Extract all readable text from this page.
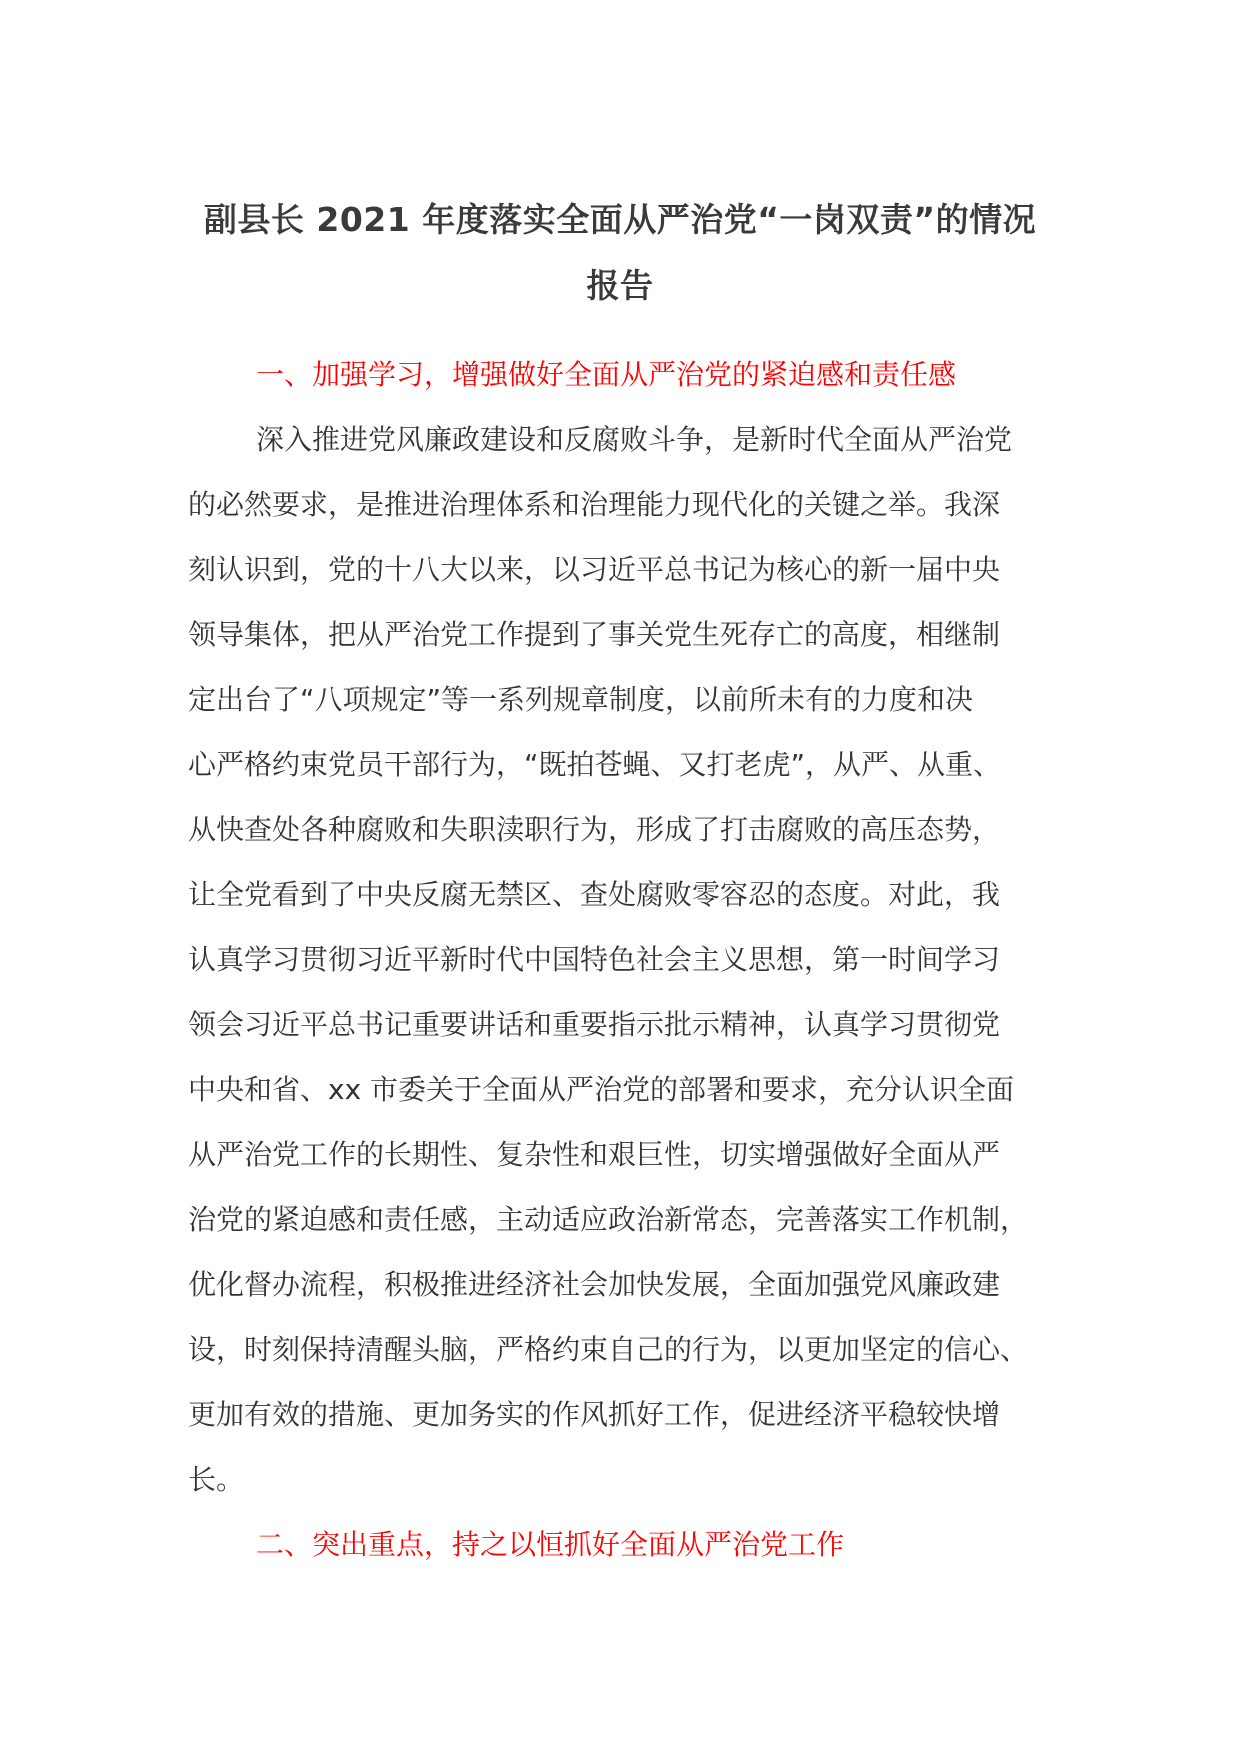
副县长 2021 年度落实全面从严治党“一岗双责”的情况
报告
一、加强学习，增强做好全面从严治党的紧迫感和责任感
深入推进党风廉政建设和反腐败斗争，是新时代全面从严治党
的必然要求，是推进治理体系和治理能力现代化的关键之举。我深
刻认识到，党的十八大以来，以习近平总书记为核心的新一届中央
领导集体，把从严治党工作提到了事关党生死存亡的高度，相继制
定出台了“八项规定”等一系列规章制度，以前所未有的力度和决
心严格约束党员干部行为，“既拍苍蝇、又打老虎”，从严、从重、
从快查处各种腐败和失职渎职行为，形成了打击腐败的高压态势，
让全党看到了中央反腐无禁区、查处腐败零容忍的态度。对此，我
认真学习贯彻习近平新时代中国特色社会主义思想，第一时间学习
领会习近平总书记重要讲话和重要指示批示精神，认真学习贯彻党
中央和省、xx 市委关于全面从严治党的部署和要求，充分认识全面
从严治党工作的长期性、复杂性和艰巨性，切实增强做好全面从严
治党的紧迫感和责任感，主动适应政治新常态，完善落实工作机制，
优化督办流程，积极推进经济社会加快发展，全面加强党风廉政建
设，时刻保持清醒头脑，严格约束自己的行为，以更加坚定的信心、
更加有效的措施、更加务实的作风抓好工作，促进经济平稳较快增
长。
二、突出重点，持之以恒抓好全面从严治党工作
